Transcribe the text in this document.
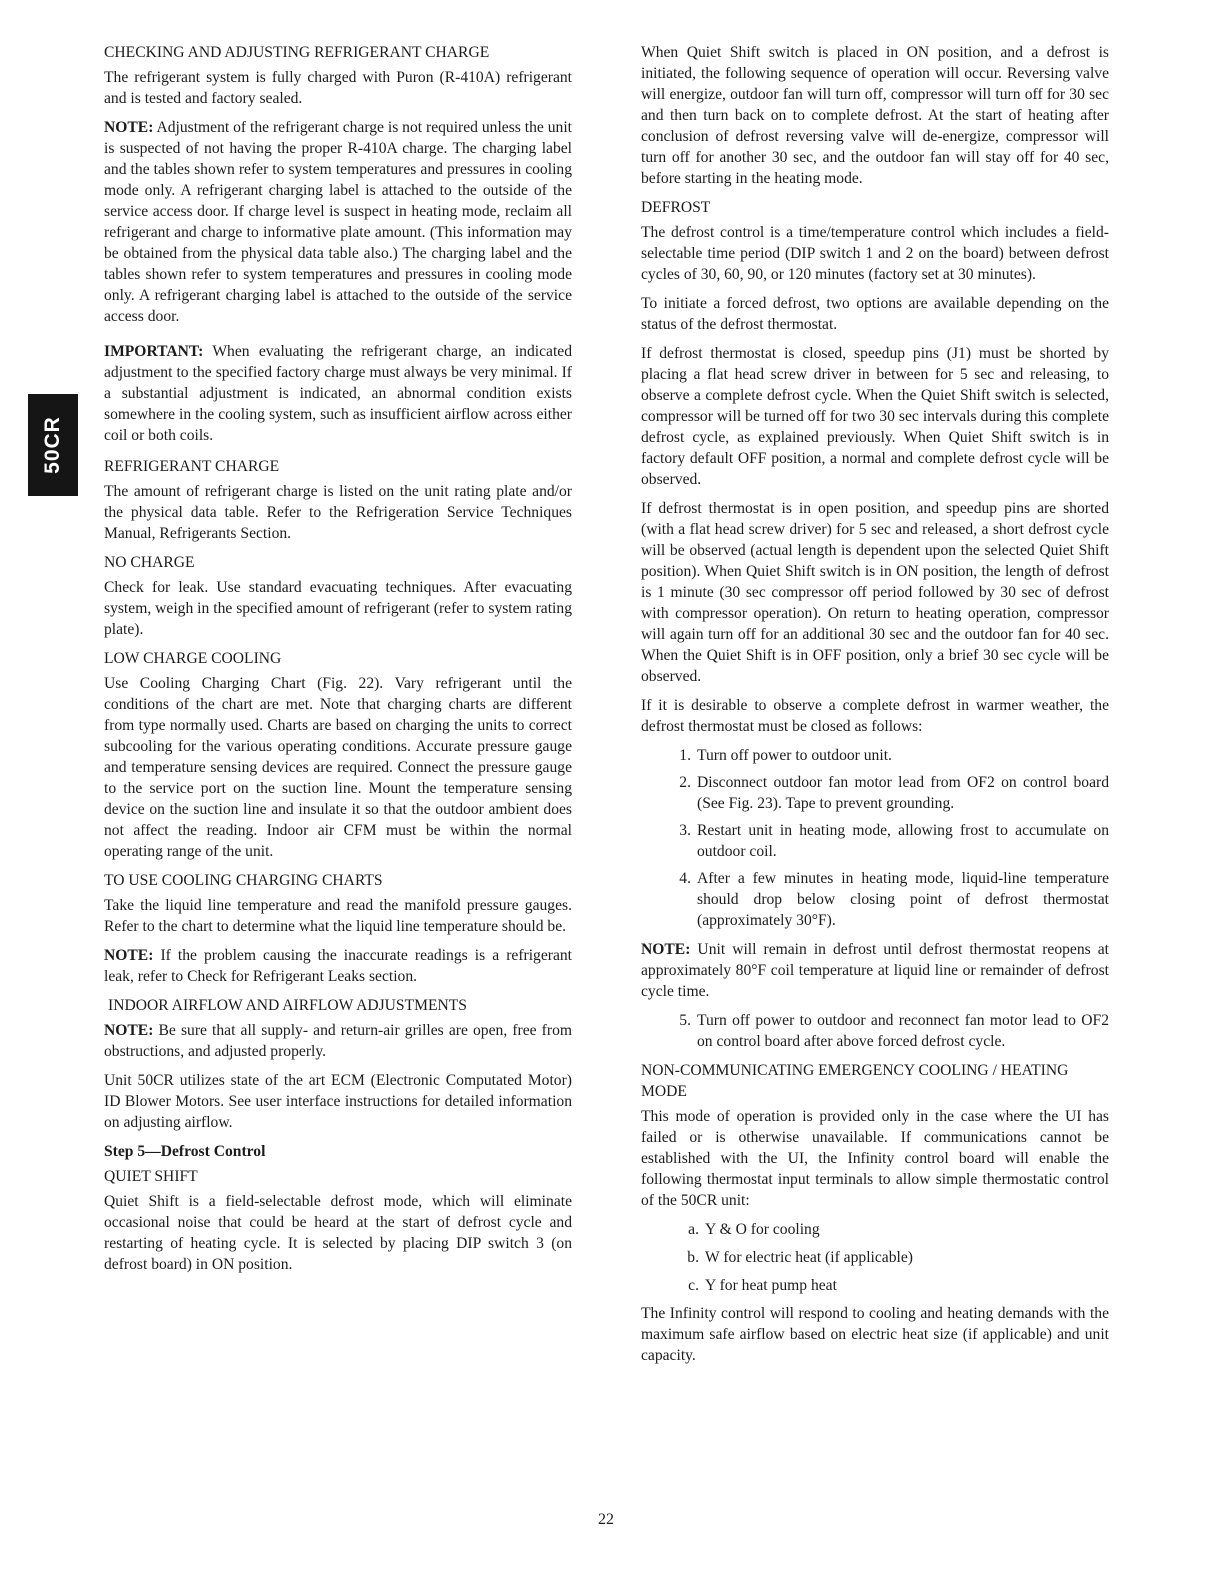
50CR

CHECKING AND ADJUSTING REFRIGERANT CHARGE

The refrigerant system is fully charged with Puron (R-410A) refrigerant and is tested and factory sealed.

NOTE: Adjustment of the refrigerant charge is not required unless the unit is suspected of not having the proper R-410A charge. The charging label and the tables shown refer to system temperatures and pressures in cooling mode only. A refrigerant charging label is attached to the outside of the service access door. If charge level is suspect in heating mode, reclaim all refrigerant and charge to informative plate amount. (This information may be obtained from the physical data table also.) The charging label and the tables shown refer to system temperatures and pressures in cooling mode only. A refrigerant charging label is attached to the outside of the service access door.

IMPORTANT: When evaluating the refrigerant charge, an indicated adjustment to the specified factory charge must always be very minimal. If a substantial adjustment is indicated, an abnormal condition exists somewhere in the cooling system, such as insufficient airflow across either coil or both coils.

REFRIGERANT CHARGE

The amount of refrigerant charge is listed on the unit rating plate and/or the physical data table. Refer to the Refrigeration Service Techniques Manual, Refrigerants Section.

NO CHARGE

Check for leak. Use standard evacuating techniques. After evacuating system, weigh in the specified amount of refrigerant (refer to system rating plate).

LOW CHARGE COOLING

Use Cooling Charging Chart (Fig. 22). Vary refrigerant until the conditions of the chart are met. Note that charging charts are different from type normally used. Charts are based on charging the units to correct subcooling for the various operating conditions. Accurate pressure gauge and temperature sensing devices are required. Connect the pressure gauge to the service port on the suction line. Mount the temperature sensing device on the suction line and insulate it so that the outdoor ambient does not affect the reading. Indoor air CFM must be within the normal operating range of the unit.

TO USE COOLING CHARGING CHARTS

Take the liquid line temperature and read the manifold pressure gauges. Refer to the chart to determine what the liquid line temperature should be.

NOTE: If the problem causing the inaccurate readings is a refrigerant leak, refer to Check for Refrigerant Leaks section.

INDOOR AIRFLOW AND AIRFLOW ADJUSTMENTS

NOTE: Be sure that all supply- and return-air grilles are open, free from obstructions, and adjusted properly.

Unit 50CR utilizes state of the art ECM (Electronic Computated Motor) ID Blower Motors. See user interface instructions for detailed information on adjusting airflow.

Step 5—Defrost Control

QUIET SHIFT

Quiet Shift is a field-selectable defrost mode, which will eliminate occasional noise that could be heard at the start of defrost cycle and restarting of heating cycle. It is selected by placing DIP switch 3 (on defrost board) in ON position.

When Quiet Shift switch is placed in ON position, and a defrost is initiated, the following sequence of operation will occur. Reversing valve will energize, outdoor fan will turn off, compressor will turn off for 30 sec and then turn back on to complete defrost. At the start of heating after conclusion of defrost reversing valve will de-energize, compressor will turn off for another 30 sec, and the outdoor fan will stay off for 40 sec, before starting in the heating mode.

DEFROST

The defrost control is a time/temperature control which includes a field-selectable time period (DIP switch 1 and 2 on the board) between defrost cycles of 30, 60, 90, or 120 minutes (factory set at 30 minutes).

To initiate a forced defrost, two options are available depending on the status of the defrost thermostat.

If defrost thermostat is closed, speedup pins (J1) must be shorted by placing a flat head screw driver in between for 5 sec and releasing, to observe a complete defrost cycle. When the Quiet Shift switch is selected, compressor will be turned off for two 30 sec intervals during this complete defrost cycle, as explained previously. When Quiet Shift switch is in factory default OFF position, a normal and complete defrost cycle will be observed.

If defrost thermostat is in open position, and speedup pins are shorted (with a flat head screw driver) for 5 sec and released, a short defrost cycle will be observed (actual length is dependent upon the selected Quiet Shift position). When Quiet Shift switch is in ON position, the length of defrost is 1 minute (30 sec compressor off period followed by 30 sec of defrost with compressor operation). On return to heating operation, compressor will again turn off for an additional 30 sec and the outdoor fan for 40 sec. When the Quiet Shift is in OFF position, only a brief 30 sec cycle will be observed.

If it is desirable to observe a complete defrost in warmer weather, the defrost thermostat must be closed as follows:

1. Turn off power to outdoor unit.
2. Disconnect outdoor fan motor lead from OF2 on control board (See Fig. 23). Tape to prevent grounding.
3. Restart unit in heating mode, allowing frost to accumulate on outdoor coil.
4. After a few minutes in heating mode, liquid-line temperature should drop below closing point of defrost thermostat (approximately 30°F).

NOTE: Unit will remain in defrost until defrost thermostat reopens at approximately 80°F coil temperature at liquid line or remainder of defrost cycle time.

5. Turn off power to outdoor and reconnect fan motor lead to OF2 on control board after above forced defrost cycle.

NON-COMMUNICATING EMERGENCY COOLING / HEATING MODE

This mode of operation is provided only in the case where the UI has failed or is otherwise unavailable. If communications cannot be established with the UI, the Infinity control board will enable the following thermostat input terminals to allow simple thermostatic control of the 50CR unit:

a. Y & O for cooling
b. W for electric heat (if applicable)
c. Y for heat pump heat

The Infinity control will respond to cooling and heating demands with the maximum safe airflow based on electric heat size (if applicable) and unit capacity.

22
